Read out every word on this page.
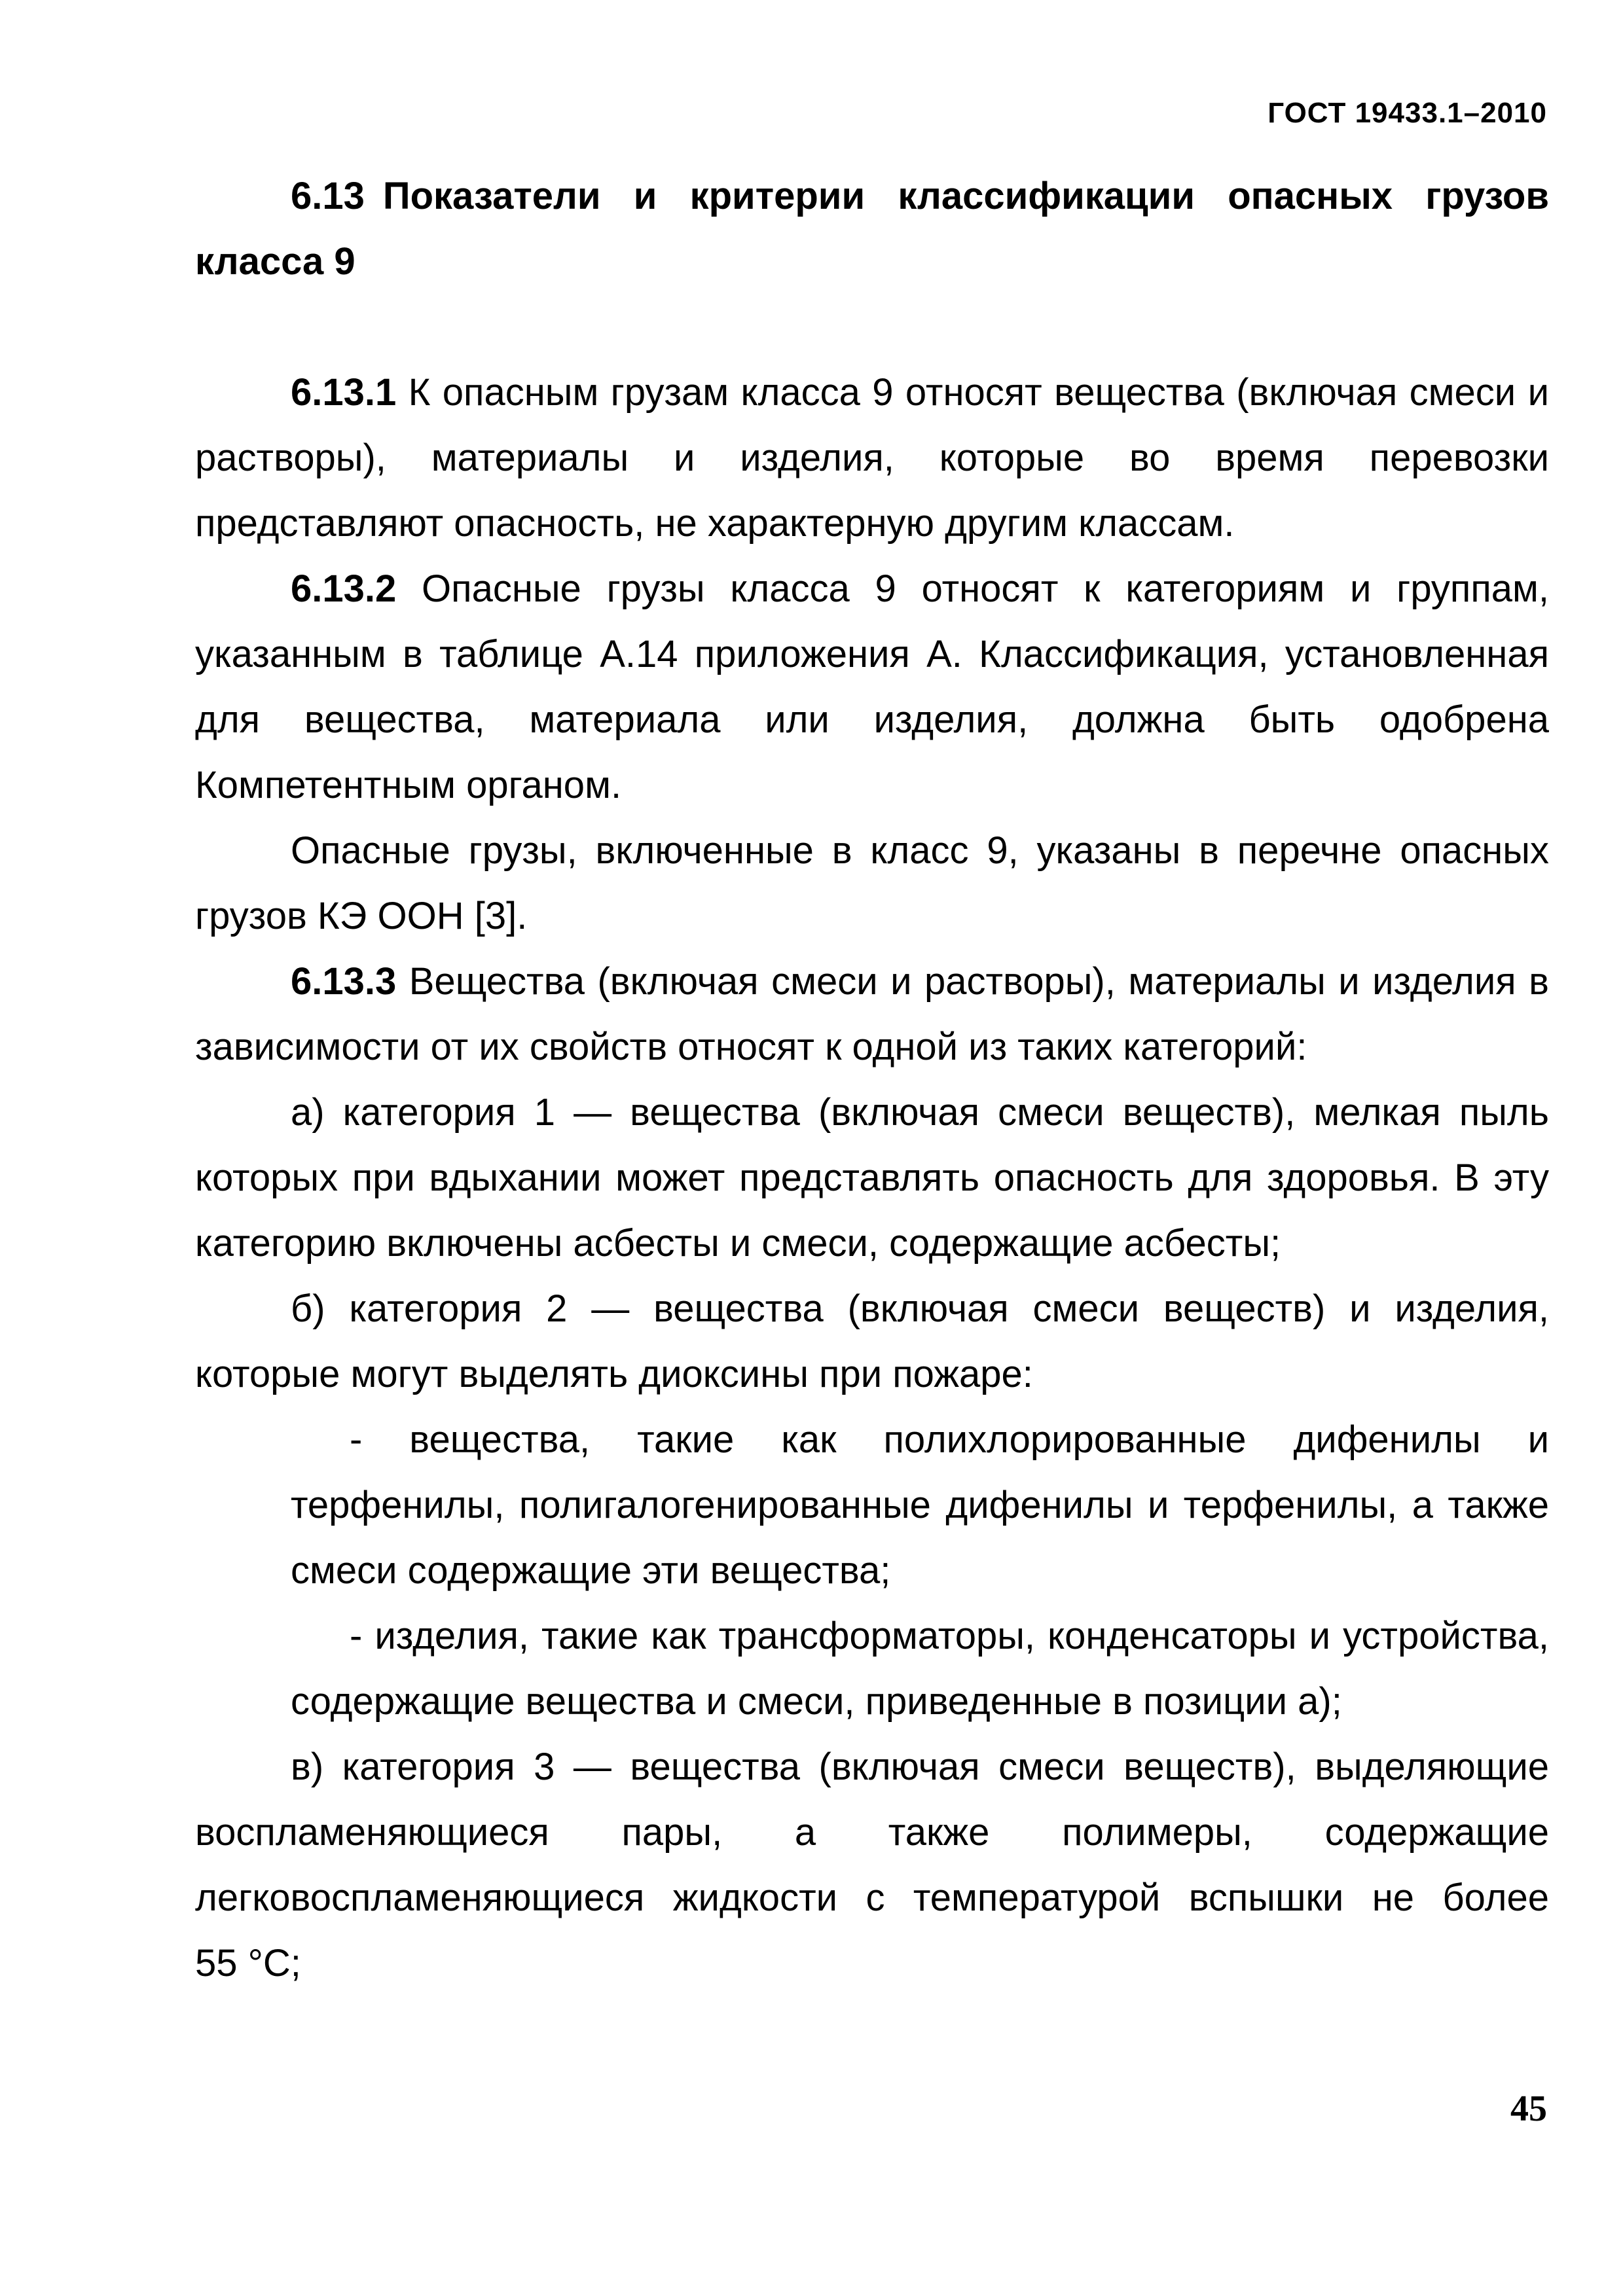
ГОСТ 19433.1–2010

6.13 Показатели и критерии классификации опасных грузов класса 9

6.13.1 К опасным грузам класса 9 относят вещества (включая смеси и растворы), материалы и изделия, которые во время перевозки представляют опасность, не характерную другим классам.

6.13.2 Опасные грузы класса 9 относят к категориям и группам, указанным в таблице А.14 приложения А. Классификация, установленная для вещества, материала или изделия, должна быть одобрена Компетентным органом.

Опасные грузы, включенные в класс 9, указаны в перечне опасных грузов КЭ ООН [3].

6.13.3 Вещества (включая смеси и растворы), материалы и изделия в зависимости от их свойств относят к одной из таких категорий:

а) категория 1 — вещества (включая смеси веществ), мелкая пыль которых при вдыхании может представлять опасность для здоровья. В эту категорию включены асбесты и смеси, содержащие асбесты;

б) категория 2 — вещества (включая смеси веществ) и изделия, которые могут выделять диоксины при пожаре:

- вещества, такие как полихлорированные дифенилы и терфенилы, полигалогенированные дифенилы и терфенилы, а также смеси содержащие эти вещества;

- изделия, такие как трансформаторы, конденсаторы и устройства, содержащие вещества и смеси, приведенные в позиции а);

в) категория 3 — вещества (включая смеси веществ), выделяющие воспламеняющиеся пары, а также полимеры, содержащие легковоспламеняющиеся жидкости с температурой вспышки не более

55 °С;

45
